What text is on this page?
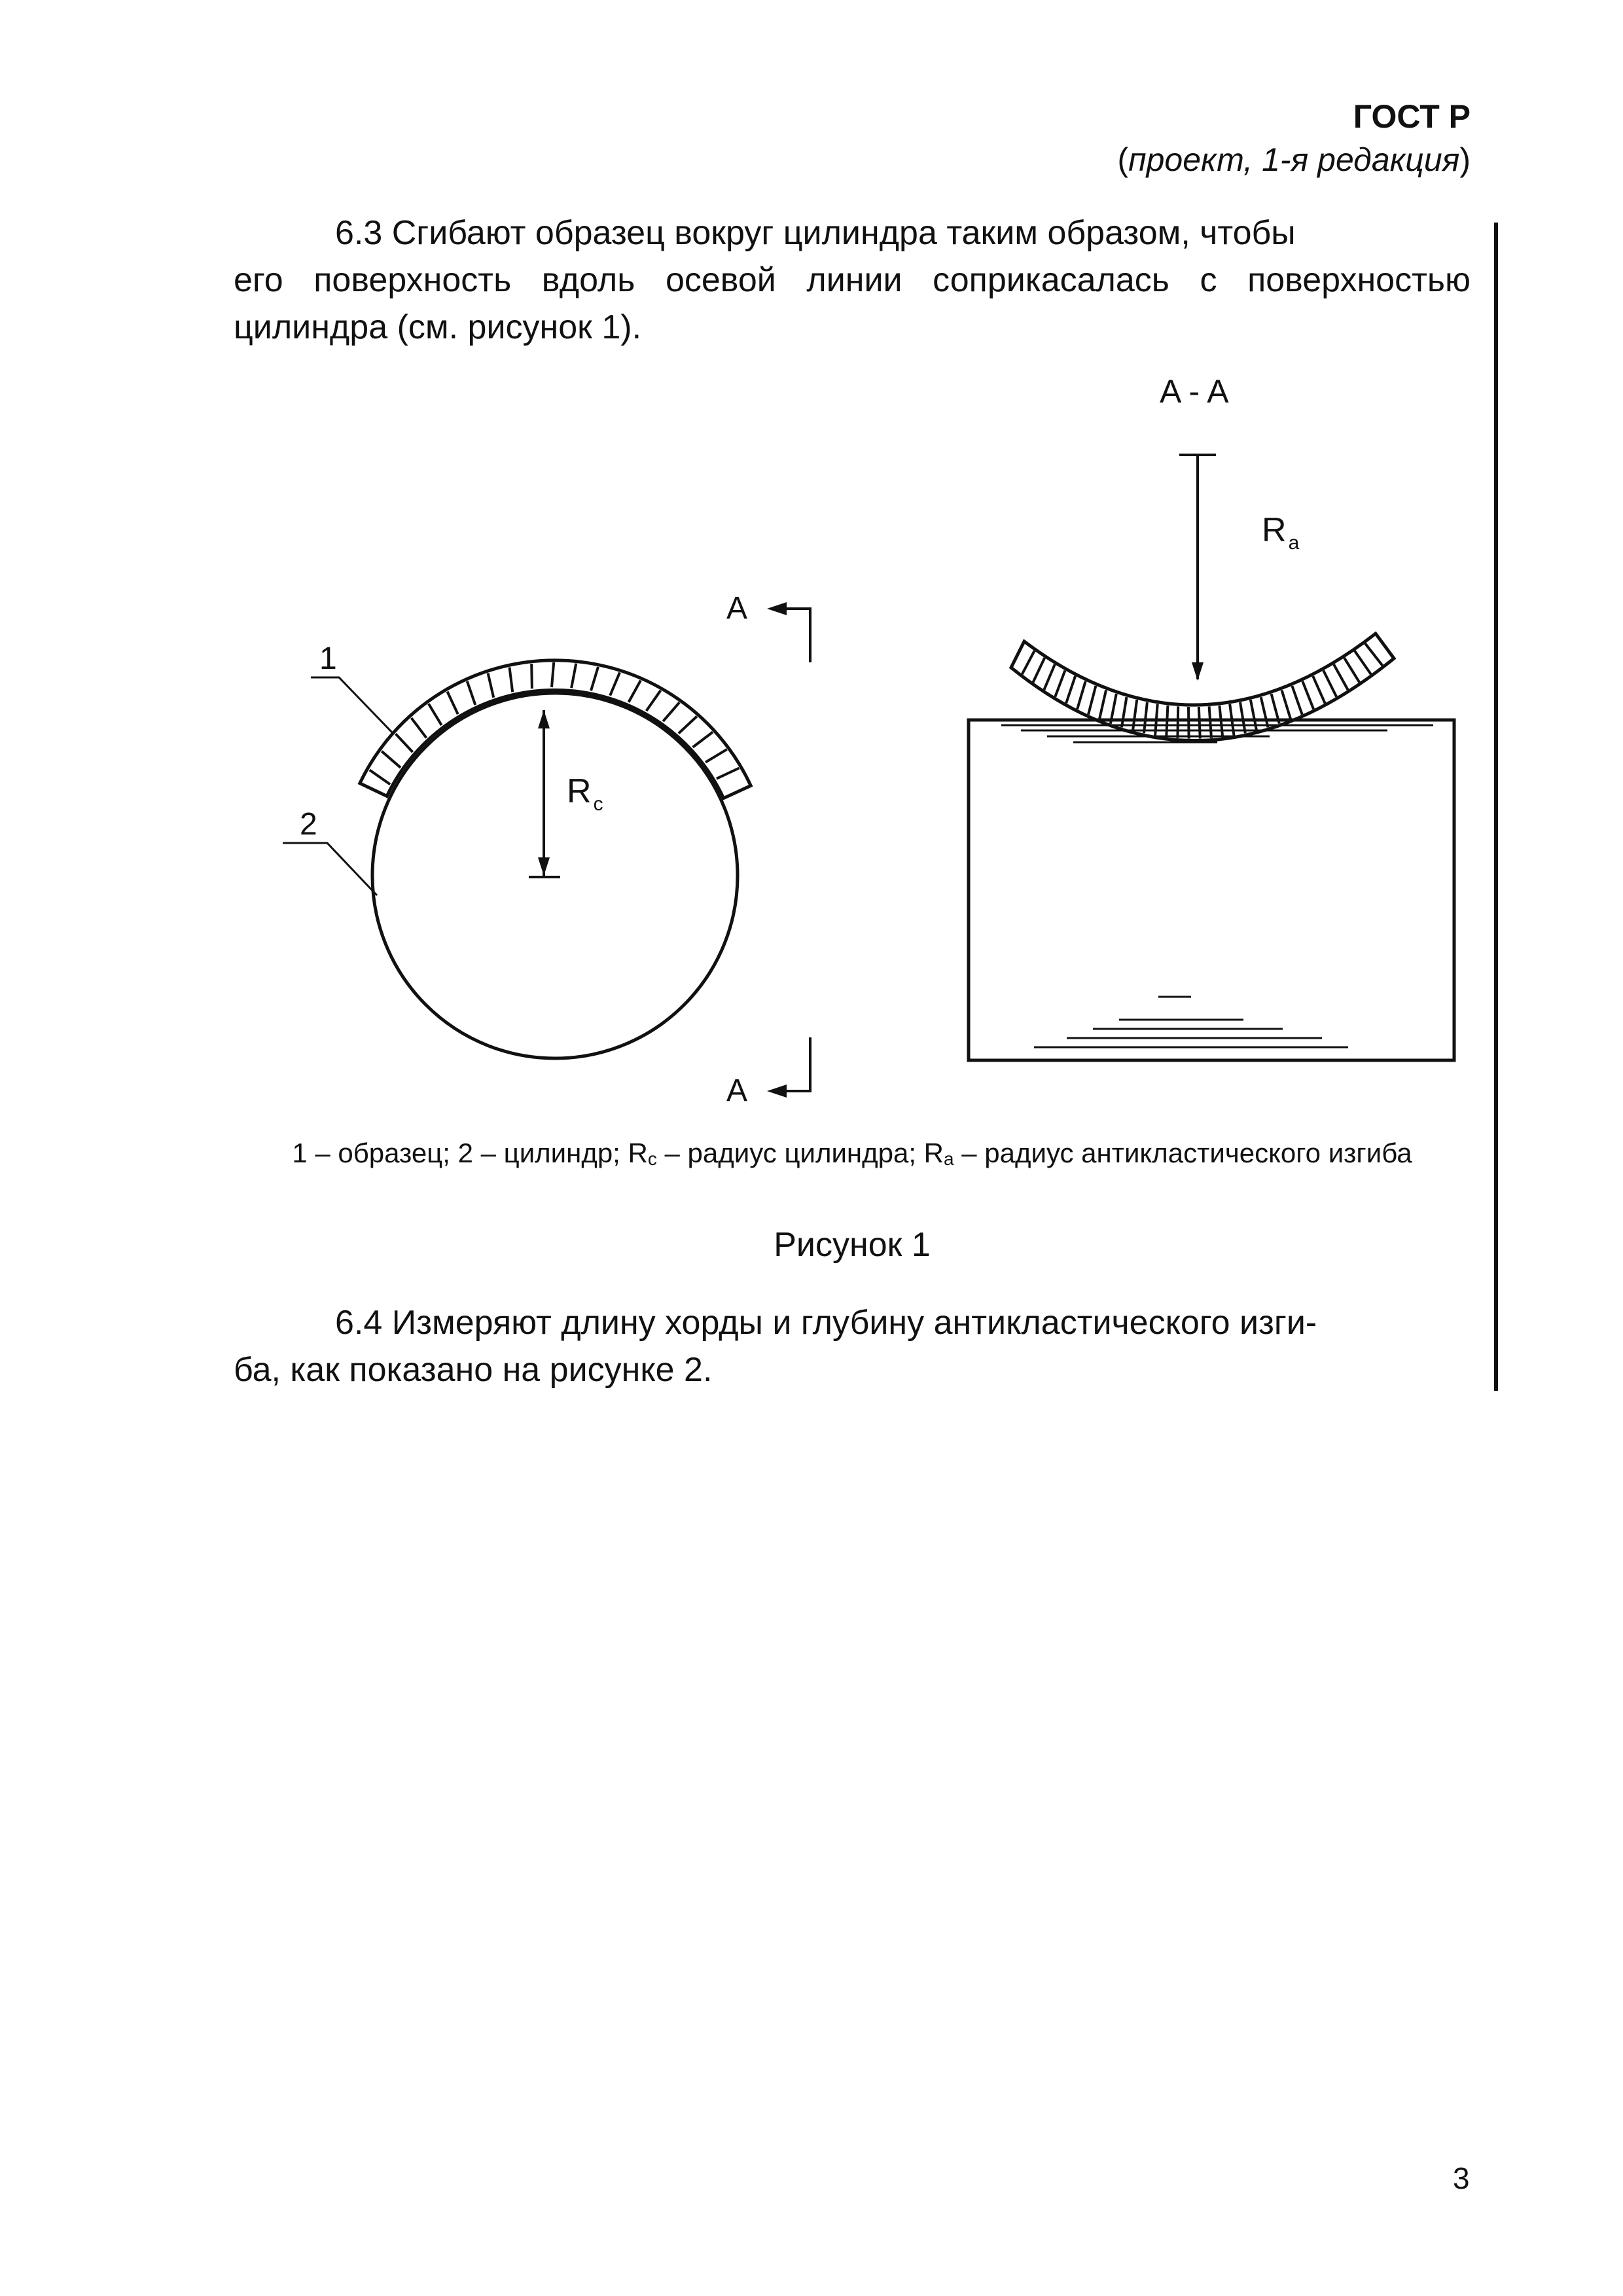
ГОСТ Р
(проект, 1-я редакция)

6.3 Сгибают образец вокруг цилиндра таким образом, чтобы
его поверхность вдоль осевой линии соприкасалась с поверхностью цилиндра (см. рисунок 1).

R $_c$
1
2
A
A
A - A
R $_a$
1 – образец; 2 – цилиндр; $R_c$ – радиус цилиндра; $R_a$ – радиус антикластического изгиба
Рисунок 1

6.4 Измеряют длину хорды и глубину антикластического изги-
ба, как показано на рисунке 2.

3
